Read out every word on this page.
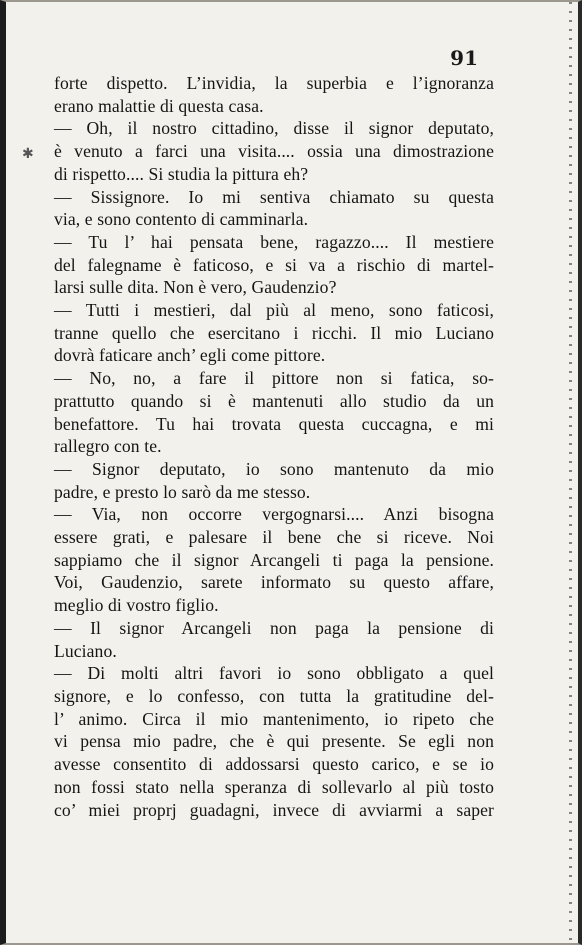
✱
91

forte dispetto. L’invidia, la superbia e l’ignoranza

erano malattie di questa casa.

— Oh, il nostro cittadino, disse il signor deputato,

è venuto a farci una visita.... ossia una dimostrazione

di rispetto.... Si studia la pittura eh?

— Sissignore. Io mi sentiva chiamato su questa

via, e sono contento di camminarla.

— Tu l’ hai pensata bene, ragazzo.... Il mestiere

del falegname è faticoso, e si va a rischio di martel-

larsi sulle dita. Non è vero, Gaudenzio?

— Tutti i mestieri, dal più al meno, sono faticosi,

tranne quello che esercitano i ricchi. Il mio Luciano

dovrà faticare anch’ egli come pittore.

— No, no, a fare il pittore non si fatica, so-

prattutto quando si è mantenuti allo studio da un

benefattore. Tu hai trovata questa cuccagna, e mi

rallegro con te.

— Signor deputato, io sono mantenuto da mio

padre, e presto lo sarò da me stesso.

— Via, non occorre vergognarsi.... Anzi bisogna

essere grati, e palesare il bene che si riceve. Noi

sappiamo che il signor Arcangeli ti paga la pensione.

Voi, Gaudenzio, sarete informato su questo affare,

meglio di vostro figlio.

— Il signor Arcangeli non paga la pensione di

Luciano.

— Di molti altri favori io sono obbligato a quel

signore, e lo confesso, con tutta la gratitudine del-

l’ animo. Circa il mio mantenimento, io ripeto che

vi pensa mio padre, che è qui presente. Se egli non

avesse consentito di addossarsi questo carico, e se io

non fossi stato nella speranza di sollevarlo al più tosto

co’ miei proprj guadagni, invece di avviarmi a saper
